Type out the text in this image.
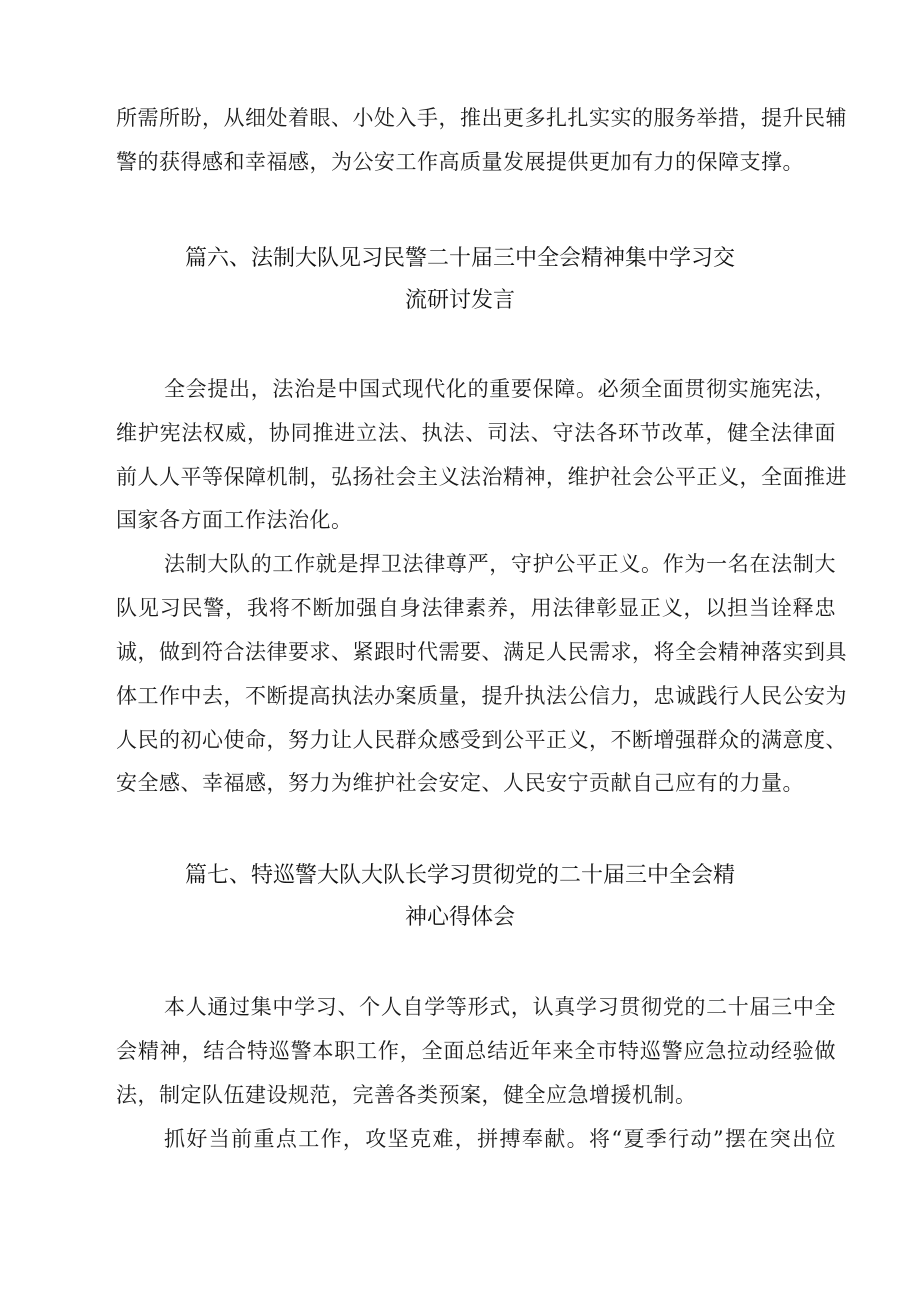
所需所盼，从细处着眼、小处入手，推出更多扎扎实实的服务举措，提升民辅
警的获得感和幸福感，为公安工作高质量发展提供更加有力的保障支撑。
篇六、法制大队见习民警二十届三中全会精神集中学习交
流研讨发言
全会提出，法治是中国式现代化的重要保障。必须全面贯彻实施宪法，
维护宪法权威，协同推进立法、执法、司法、守法各环节改革，健全法律面
前人人平等保障机制，弘扬社会主义法治精神，维护社会公平正义，全面推进
国家各方面工作法治化。
法制大队的工作就是捍卫法律尊严，守护公平正义。作为一名在法制大
队见习民警，我将不断加强自身法律素养，用法律彰显正义，以担当诠释忠
诚，做到符合法律要求、紧跟时代需要、满足人民需求，将全会精神落实到具
体工作中去，不断提高执法办案质量，提升执法公信力，忠诚践行人民公安为
人民的初心使命，努力让人民群众感受到公平正义，不断增强群众的满意度、
安全感、幸福感，努力为维护社会安定、人民安宁贡献自己应有的力量。
篇七、特巡警大队大队长学习贯彻党的二十届三中全会精
神心得体会
本人通过集中学习、个人自学等形式，认真学习贯彻党的二十届三中全
会精神，结合特巡警本职工作，全面总结近年来全市特巡警应急拉动经验做
法，制定队伍建设规范，完善各类预案，健全应急增援机制。
抓好当前重点工作，攻坚克难，拼搏奉献。将“夏季行动”摆在突出位
